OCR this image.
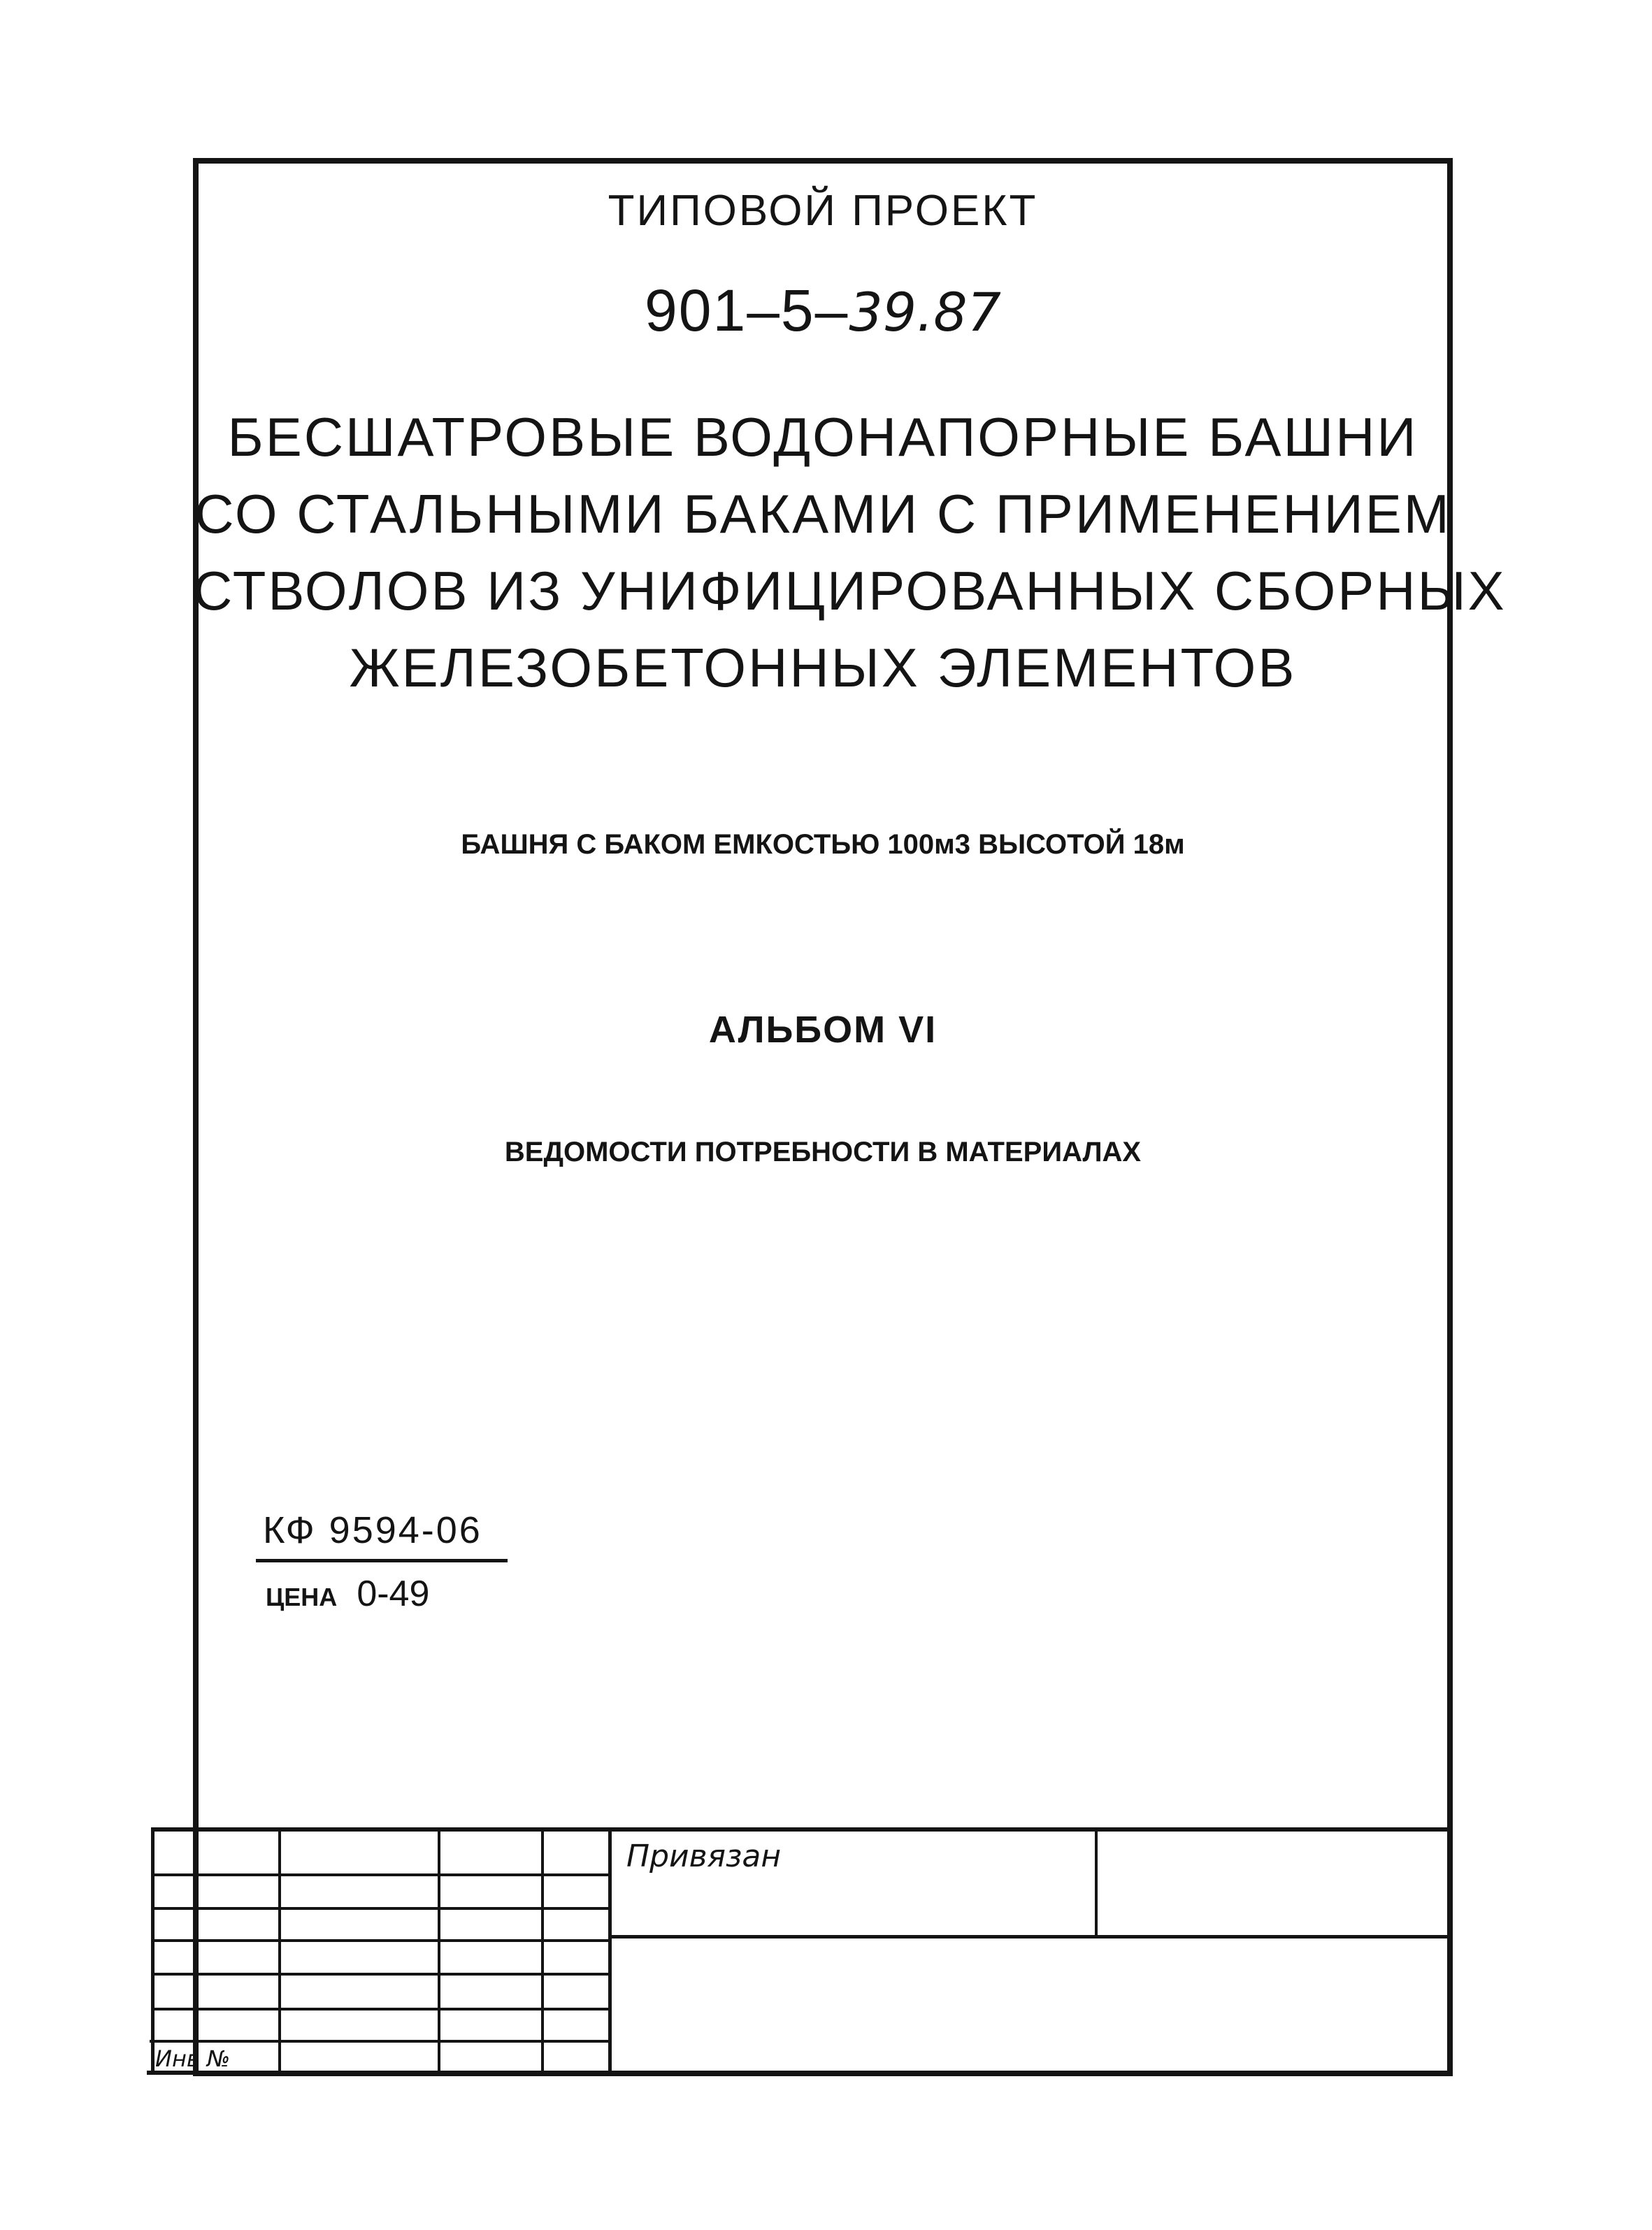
ТИПОВОЙ ПРОЕКТ
901–5–39.87
БЕСШАТРОВЫЕ ВОДОНАПОРНЫЕ БАШНИ
СО СТАЛЬНЫМИ БАКАМИ С ПРИМЕНЕНИЕМ
СТВОЛОВ ИЗ УНИФИЦИРОВАННЫХ СБОРНЫХ
ЖЕЛЕЗОБЕТОННЫХ ЭЛЕМЕНТОВ
БАШНЯ С БАКОМ ЕМКОСТЬЮ 100м3 ВЫСОТОЙ 18м
АЛЬБОМ VI
ВЕДОМОСТИ ПОТРЕБНОСТИ В МАТЕРИАЛАХ
КФ 9594-06
ЦЕНА 0-49
Привязан
Инв №
